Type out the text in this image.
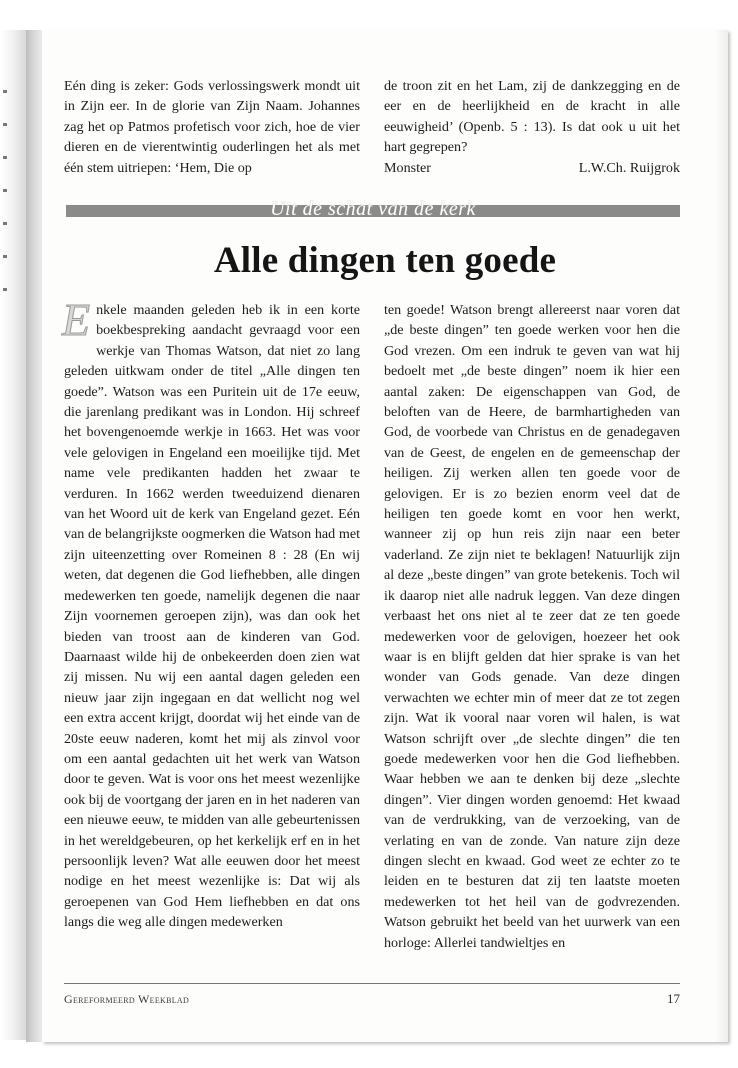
Eén ding is zeker: Gods verlossingswerk mondt uit in Zijn eer. In de glorie van Zijn Naam. Johannes zag het op Patmos profetisch voor zich, hoe de vier dieren en de vierentwintig ouderlingen het als met één stem uitriepen: ‘Hem, Die op
de troon zit en het Lam, zij de dankzegging en de eer en de heerlijkheid en de kracht in alle eeuwigheid’ (Openb. 5 : 13). Is dat ook u uit het hart gegrepen?
Monster	L.W.Ch. Ruijgrok
Uit de schat van de kerk
Alle dingen ten goede
E nkele maanden geleden heb ik in een korte boekbespreking aandacht gevraagd voor een werkje van Thomas Watson, dat niet zo lang geleden uitkwam onder de titel „Alle dingen ten goede”. Watson was een Puritein uit de 17e eeuw, die jarenlang predikant was in London. Hij schreef het bovengenoemde werkje in 1663. Het was voor vele gelovigen in Engeland een moeilijke tijd. Met name vele predikanten hadden het zwaar te verduren. In 1662 werden tweeduizend dienaren van het Woord uit de kerk van Engeland gezet. Eén van de belangrijkste oogmerken die Watson had met zijn uiteenzetting over Romeinen 8 : 28 (En wij weten, dat degenen die God liefhebben, alle dingen medewerken ten goede, namelijk degenen die naar Zijn voornemen geroepen zijn), was dan ook het bieden van troost aan de kinderen van God. Daarnaast wilde hij de onbekeerden doen zien wat zij missen. Nu wij een aantal dagen geleden een nieuw jaar zijn ingegaan en dat wellicht nog wel een extra accent krijgt, doordat wij het einde van de 20ste eeuw naderen, komt het mij als zinvol voor om een aantal gedachten uit het werk van Watson door te geven. Wat is voor ons het meest wezenlijke ook bij de voortgang der jaren en in het naderen van een nieuwe eeuw, te midden van alle gebeurtenissen in het wereldgebeuren, op het kerkelijk erf en in het persoonlijk leven? Wat alle eeuwen door het meest nodige en het meest wezenlijke is: Dat wij als geroepenen van God Hem liefhebben en dat ons langs die weg alle dingen medewerken
ten goede! Watson brengt allereerst naar voren dat „de beste dingen” ten goede werken voor hen die God vrezen. Om een indruk te geven van wat hij bedoelt met „de beste dingen” noem ik hier een aantal zaken: De eigenschappen van God, de beloften van de Heere, de barmhartigheden van God, de voorbede van Christus en de genadegaven van de Geest, de engelen en de gemeenschap der heiligen. Zij werken allen ten goede voor de gelovigen. Er is zo bezien enorm veel dat de heiligen ten goede komt en voor hen werkt, wanneer zij op hun reis zijn naar een beter vaderland. Ze zijn niet te beklagen! Natuurlijk zijn al deze „beste dingen” van grote betekenis. Toch wil ik daarop niet alle nadruk leggen. Van deze dingen verbaast het ons niet al te zeer dat ze ten goede medewerken voor de gelovigen, hoezeer het ook waar is en blijft gelden dat hier sprake is van het wonder van Gods genade. Van deze dingen verwachten we echter min of meer dat ze tot zegen zijn. Wat ik vooral naar voren wil halen, is wat Watson schrijft over „de slechte dingen” die ten goede medewerken voor hen die God liefhebben. Waar hebben we aan te denken bij deze „slechte dingen”. Vier dingen worden genoemd: Het kwaad van de verdrukking, van de verzoeking, van de verlating en van de zonde. Van nature zijn deze dingen slecht en kwaad. God weet ze echter zo te leiden en te besturen dat zij ten laatste moeten medewerken tot het heil van de godvrezenden. Watson gebruikt het beeld van het uurwerk van een horloge: Allerlei tandwieltjes en
Gereformeerd Weekblad	17
